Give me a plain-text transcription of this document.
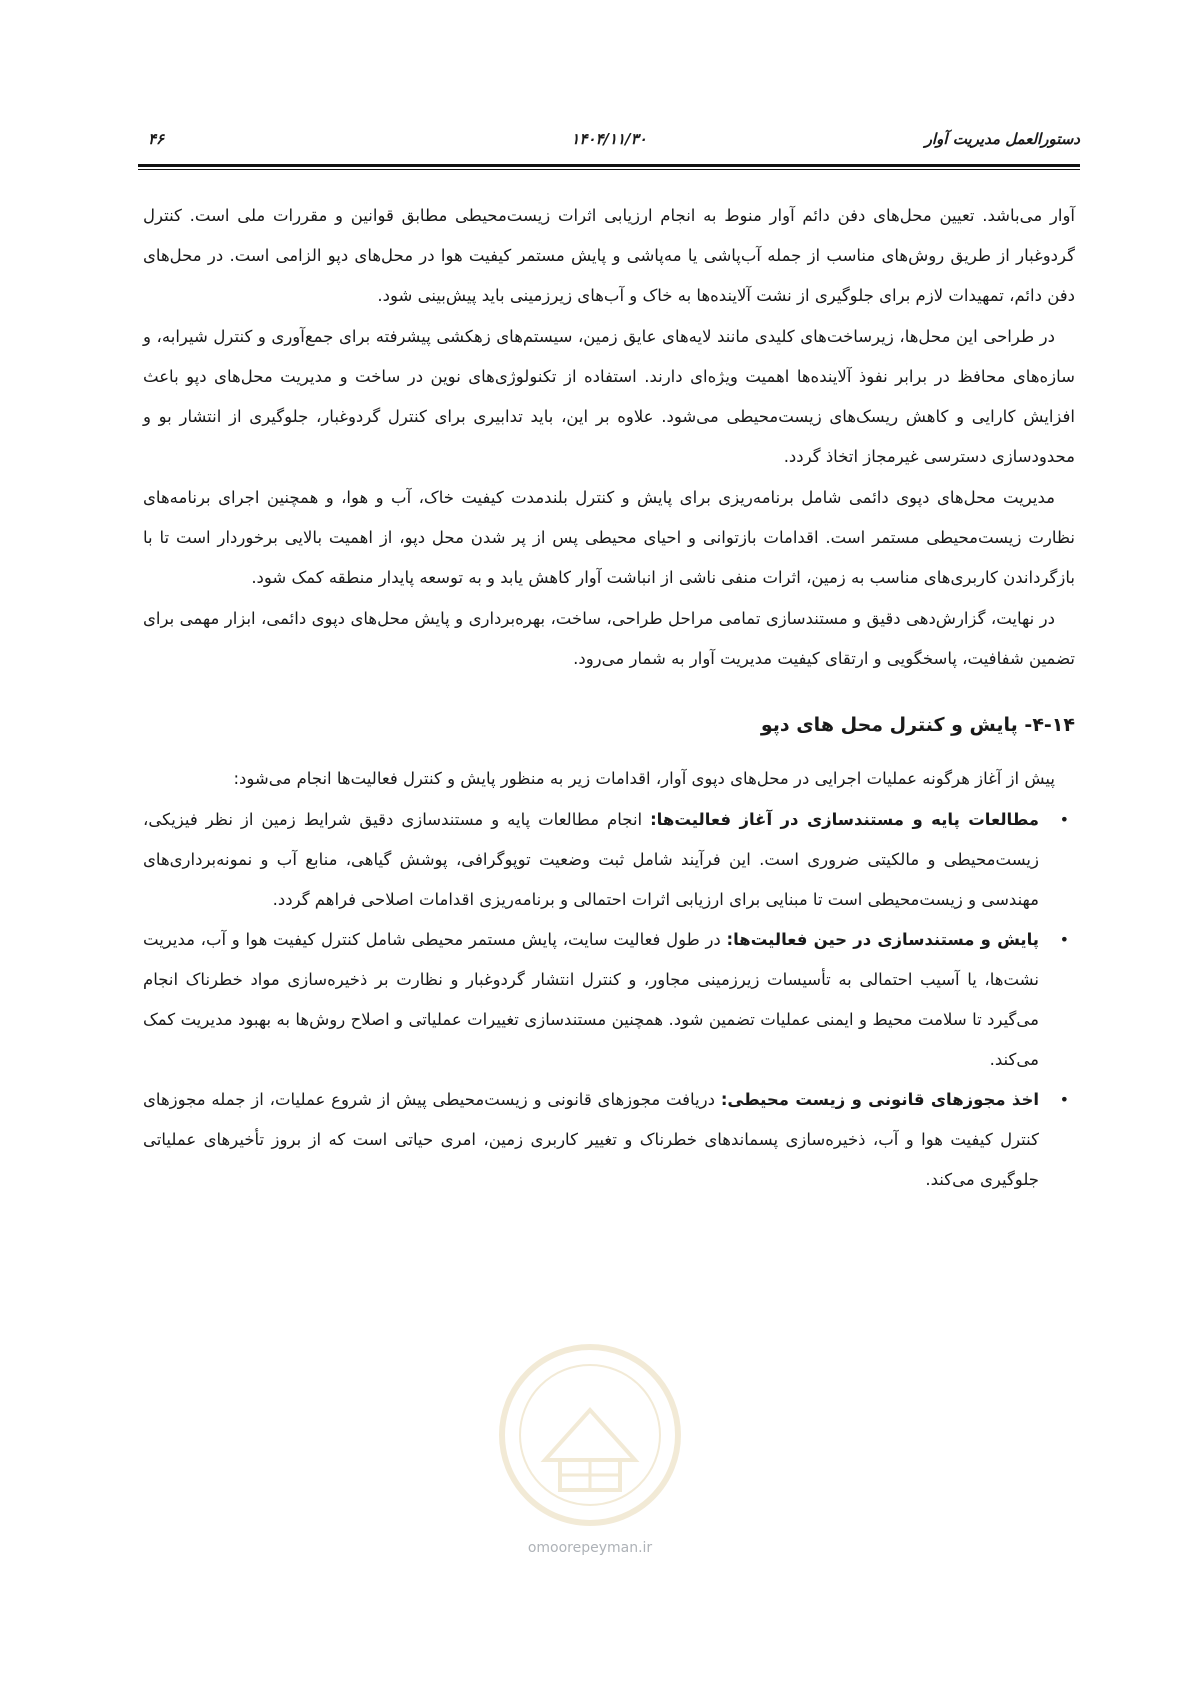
دستورالعمل مدیریت آوار
۱۴۰۴/۱۱/۳۰
۴۶

آوار می‌باشد. تعیین محل‌های دفن دائم آوار منوط به انجام ارزیابی اثرات زیست‌محیطی مطابق قوانین و مقررات ملی است. کنترل گردوغبار از طریق روش‌های مناسب از جمله آب‌پاشی یا مه‌پاشی و پایش مستمر کیفیت هوا در محل‌های دپو الزامی است. در محل‌های دفن دائم، تمهیدات لازم برای جلوگیری از نشت آلاینده‌ها به خاک و آب‌های زیرزمینی باید پیش‌بینی شود.

در طراحی این محل‌ها، زیرساخت‌های کلیدی مانند لایه‌های عایق زمین، سیستم‌های زهکشی پیشرفته برای جمع‌آوری و کنترل شیرابه، و سازه‌های محافظ در برابر نفوذ آلاینده‌ها اهمیت ویژه‌ای دارند. استفاده از تکنولوژی‌های نوین در ساخت و مدیریت محل‌های دپو باعث افزایش کارایی و کاهش ریسک‌های زیست‌محیطی می‌شود. علاوه بر این، باید تدابیری برای کنترل گردوغبار، جلوگیری از انتشار بو و محدودسازی دسترسی غیرمجاز اتخاذ گردد.

مدیریت محل‌های دپوی دائمی شامل برنامه‌ریزی برای پایش و کنترل بلندمدت کیفیت خاک، آب و هوا، و همچنین اجرای برنامه‌های نظارت زیست‌محیطی مستمر است. اقدامات بازتوانی و احیای محیطی پس از پر شدن محل دپو، از اهمیت بالایی برخوردار است تا با بازگرداندن کاربری‌های مناسب به زمین، اثرات منفی ناشی از انباشت آوار کاهش یابد و به توسعه پایدار منطقه کمک شود.

در نهایت، گزارش‌دهی دقیق و مستندسازی تمامی مراحل طراحی، ساخت، بهره‌برداری و پایش محل‌های دپوی دائمی، ابزار مهمی برای تضمین شفافیت، پاسخگویی و ارتقای کیفیت مدیریت آوار به شمار می‌رود.

۴-۱۴- پایش و کنترل محل های دپو

پیش از آغاز هرگونه عملیات اجرایی در محل‌های دپوی آوار، اقدامات زیر به منظور پایش و کنترل فعالیت‌ها انجام می‌شود:

•
مطالعات پایه و مستندسازی در آغاز فعالیت‌ها: انجام مطالعات پایه و مستندسازی دقیق شرایط زمین از نظر فیزیکی، زیست‌محیطی و مالکیتی ضروری است. این فرآیند شامل ثبت وضعیت توپوگرافی، پوشش گیاهی، منابع آب و نمونه‌برداری‌های مهندسی و زیست‌محیطی است تا مبنایی برای ارزیابی اثرات احتمالی و برنامه‌ریزی اقدامات اصلاحی فراهم گردد.
•
پایش و مستندسازی در حین فعالیت‌ها: در طول فعالیت سایت، پایش مستمر محیطی شامل کنترل کیفیت هوا و آب، مدیریت نشت‌ها، یا آسیب احتمالی به تأسیسات زیرزمینی مجاور، و کنترل انتشار گردوغبار و نظارت بر ذخیره‌سازی مواد خطرناک انجام می‌گیرد تا سلامت محیط و ایمنی عملیات تضمین شود. همچنین مستندسازی تغییرات عملیاتی و اصلاح روش‌ها به بهبود مدیریت کمک می‌کند.
•
اخذ مجوزهای قانونی و زیست محیطی: دریافت مجوزهای قانونی و زیست‌محیطی پیش از شروع عملیات، از جمله مجوزهای کنترل کیفیت هوا و آب، ذخیره‌سازی پسماندهای خطرناک و تغییر کاربری زمین، امری حیاتی است که از بروز تأخیرهای عملیاتی جلوگیری می‌کند.
omoorepeyman.ir
